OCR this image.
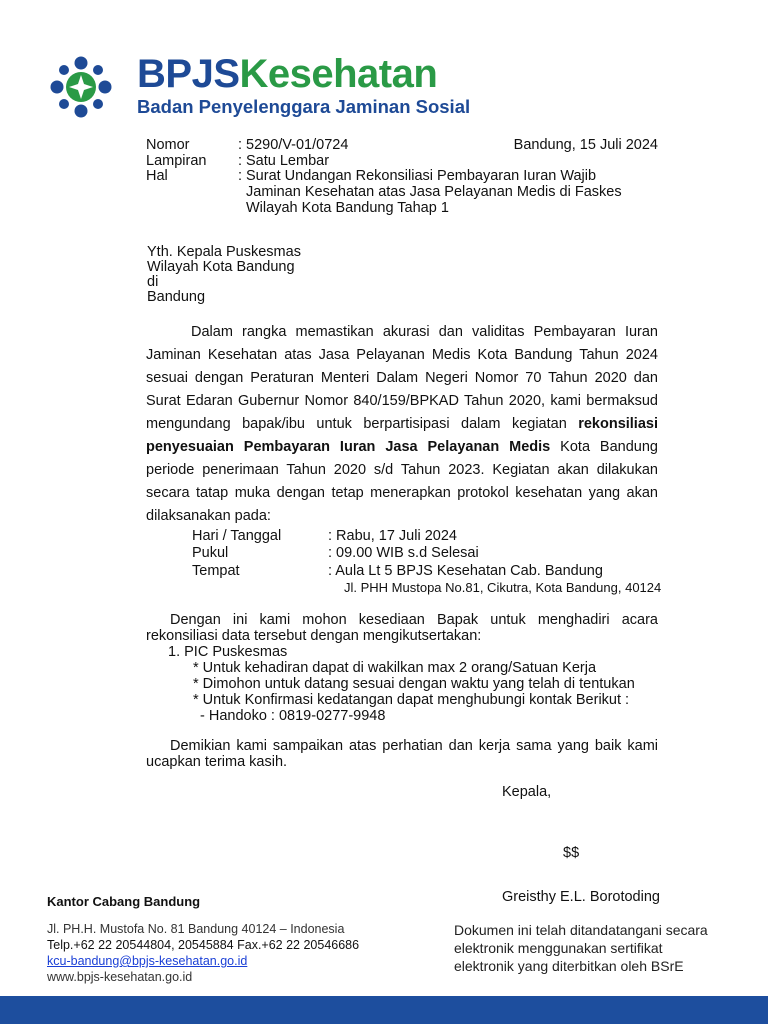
BPJSKesehatan
Badan Penyelenggara Jaminan Sosial
Nomor	: 5290/V-01/0724	Bandung, 15 Juli 2024
Lampiran	: Satu Lembar
Hal	: Surat Undangan Rekonsiliasi Pembayaran Iuran Wajib Jaminan Kesehatan atas Jasa Pelayanan Medis di Faskes Wilayah Kota Bandung Tahap 1
Yth. Kepala Puskesmas
Wilayah Kota Bandung
di
Bandung
Dalam rangka memastikan akurasi dan validitas Pembayaran Iuran Jaminan Kesehatan atas Jasa Pelayanan Medis Kota Bandung Tahun 2024 sesuai dengan Peraturan Menteri Dalam Negeri Nomor 70 Tahun 2020 dan Surat Edaran Gubernur Nomor 840/159/BPKAD Tahun 2020, kami bermaksud mengundang bapak/ibu untuk berpartisipasi dalam kegiatan rekonsiliasi penyesuaian Pembayaran Iuran Jasa Pelayanan Medis Kota Bandung periode penerimaan Tahun 2020 s/d Tahun 2023. Kegiatan akan dilakukan secara tatap muka dengan tetap menerapkan protokol kesehatan yang akan dilaksanakan pada:
Hari / Tanggal	: Rabu, 17 Juli 2024
Pukul	: 09.00 WIB s.d Selesai
Tempat	: Aula Lt 5 BPJS Kesehatan Cab. Bandung
Jl. PHH Mustopa No.81, Cikutra, Kota Bandung, 40124
Dengan ini kami mohon kesediaan Bapak untuk menghadiri acara rekonsiliasi data tersebut dengan mengikutsertakan:
1. PIC Puskesmas
* Untuk kehadiran dapat di wakilkan max 2 orang/Satuan Kerja
* Dimohon untuk datang sesuai dengan waktu yang telah di tentukan
* Untuk Konfirmasi kedatangan dapat menghubungi kontak Berikut :
- Handoko : 0819-0277-9948
Demikian kami sampaikan atas perhatian dan kerja sama yang baik kami ucapkan terima kasih.
Kepala,
$$
Greisthy E.L. Borotoding
Kantor Cabang Bandung
Jl. PH.H. Mustofa No. 81 Bandung 40124 – Indonesia
Telp.+62 22 20544804, 20545884 Fax.+62 22 20546686
kcu-bandung@bpjs-kesehatan.go.id
www.bpjs-kesehatan.go.id
Dokumen ini telah ditandatangani secara
elektronik menggunakan sertifikat
elektronik yang diterbitkan oleh BSrE
